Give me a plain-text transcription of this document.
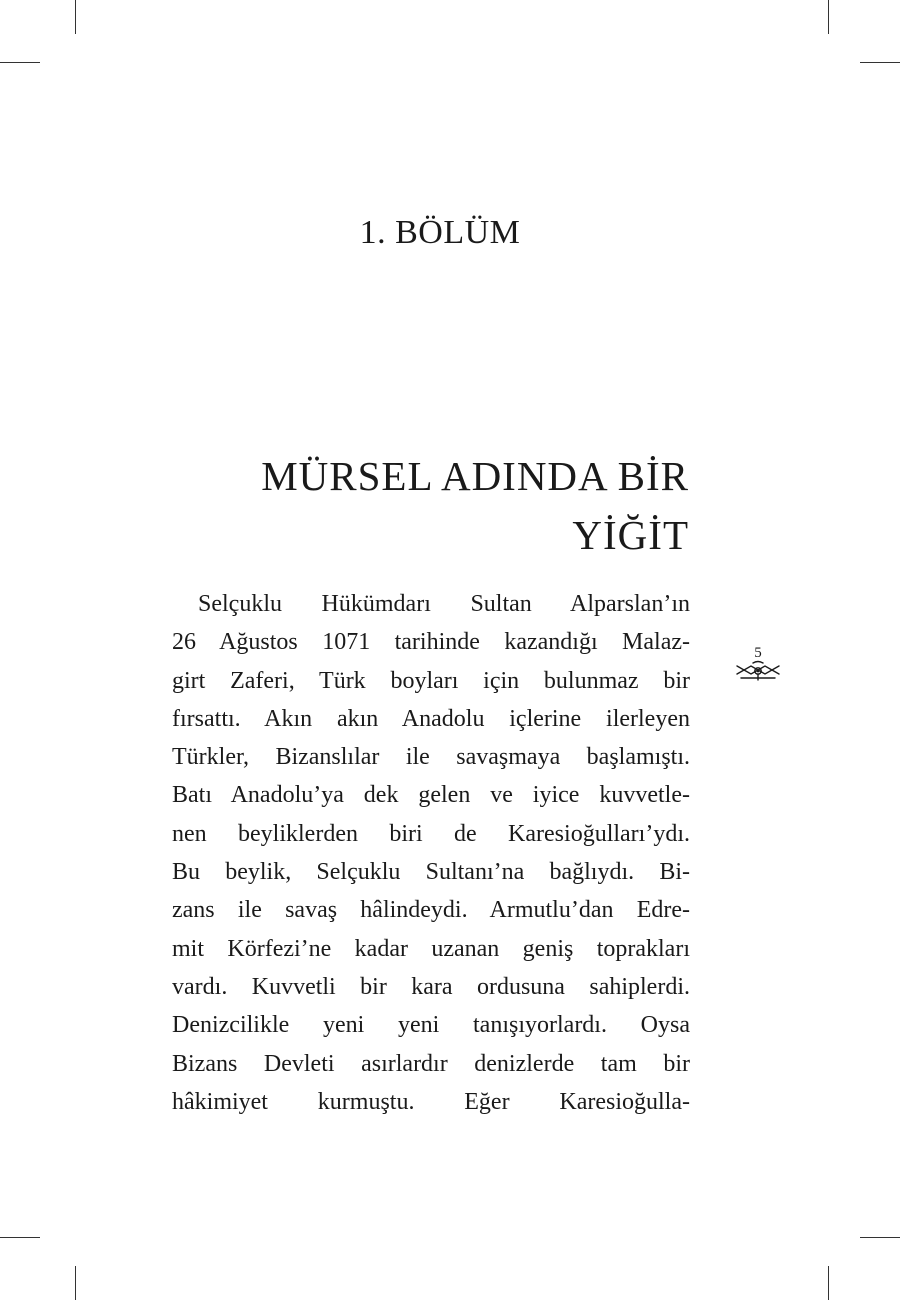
1. BÖLÜM
MÜRSEL ADINDA BİR
YİĞİT
Selçuklu Hükümdarı Sultan Alparslan’ın
26 Ağustos 1071 tarihinde kazandığı Malaz-
girt Zaferi, Türk boyları için bulunmaz bir
fırsattı. Akın akın Anadolu içlerine ilerleyen
Türkler, Bizanslılar ile savaşmaya başlamıştı.
Batı Anadolu’ya dek gelen ve iyice kuvvetle-
nen beyliklerden biri de Karesioğulları’ydı.
Bu beylik, Selçuklu Sultanı’na bağlıydı. Bi-
zans ile savaş hâlindeydi. Armutlu’dan Edre-
mit Körfezi’ne kadar uzanan geniş toprakları
vardı. Kuvvetli bir kara ordusuna sahiplerdi.
Denizcilikle yeni yeni tanışıyorlardı. Oysa
Bizans Devleti asırlardır denizlerde tam bir
hâkimiyet kurmuştu. Eğer Karesioğulla-
5
